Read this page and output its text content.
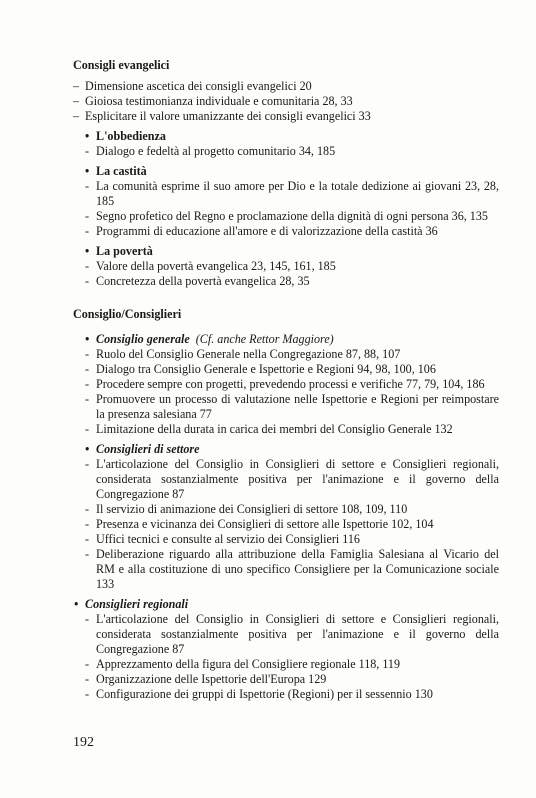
Consigli evangelici

– Dimensione ascetica dei consigli evangelici 20
– Gioiosa testimonianza individuale e comunitaria 28, 33
– Esplicitare il valore umanizzante dei consigli evangelici 33
• L'obbedienza
- Dialogo e fedeltà al progetto comunitario 34, 185
• La castità
- La comunità esprime il suo amore per Dio e la totale dedizione ai giovani 23, 28, 185
- Segno profetico del Regno e proclamazione della dignità di ogni persona 36, 135
- Programmi di educazione all'amore e di valorizzazione della castità 36
• La povertà
- Valore della povertà evangelica 23, 145, 161, 185
- Concretezza della povertà evangelica 28, 35

Consiglio/Consiglieri

• Consiglio generale (Cf. anche Rettor Maggiore)
- Ruolo del Consiglio Generale nella Congregazione 87, 88, 107
- Dialogo tra Consiglio Generale e Ispettorie e Regioni 94, 98, 100, 106
- Procedere sempre con progetti, prevedendo processi e verifiche 77, 79, 104, 186
- Promuovere un processo di valutazione nelle Ispettorie e Regioni per reimpostare la presenza salesiana 77
- Limitazione della durata in carica dei membri del Consiglio Generale 132
• Consiglieri di settore
- L'articolazione del Consiglio in Consiglieri di settore e Consiglieri regionali, considerata sostanzialmente positiva per l'animazione e il governo della Congregazione 87
- Il servizio di animazione dei Consiglieri di settore 108, 109, 110
- Presenza e vicinanza dei Consiglieri di settore alle Ispettorie 102, 104
- Uffici tecnici e consulte al servizio dei Consiglieri 116
- Deliberazione riguardo alla attribuzione della Famiglia Salesiana al Vicario del RM e alla costituzione di uno specifico Consigliere per la Comunicazione sociale 133
• Consiglieri regionali
- L'articolazione del Consiglio in Consiglieri di settore e Consiglieri regionali, considerata sostanzialmente positiva per l'animazione e il governo della Congregazione 87
- Apprezzamento della figura del Consigliere regionale 118, 119
- Organizzazione delle Ispettorie dell'Europa 129
- Configurazione dei gruppi di Ispettorie (Regioni) per il sessennio 130
192
